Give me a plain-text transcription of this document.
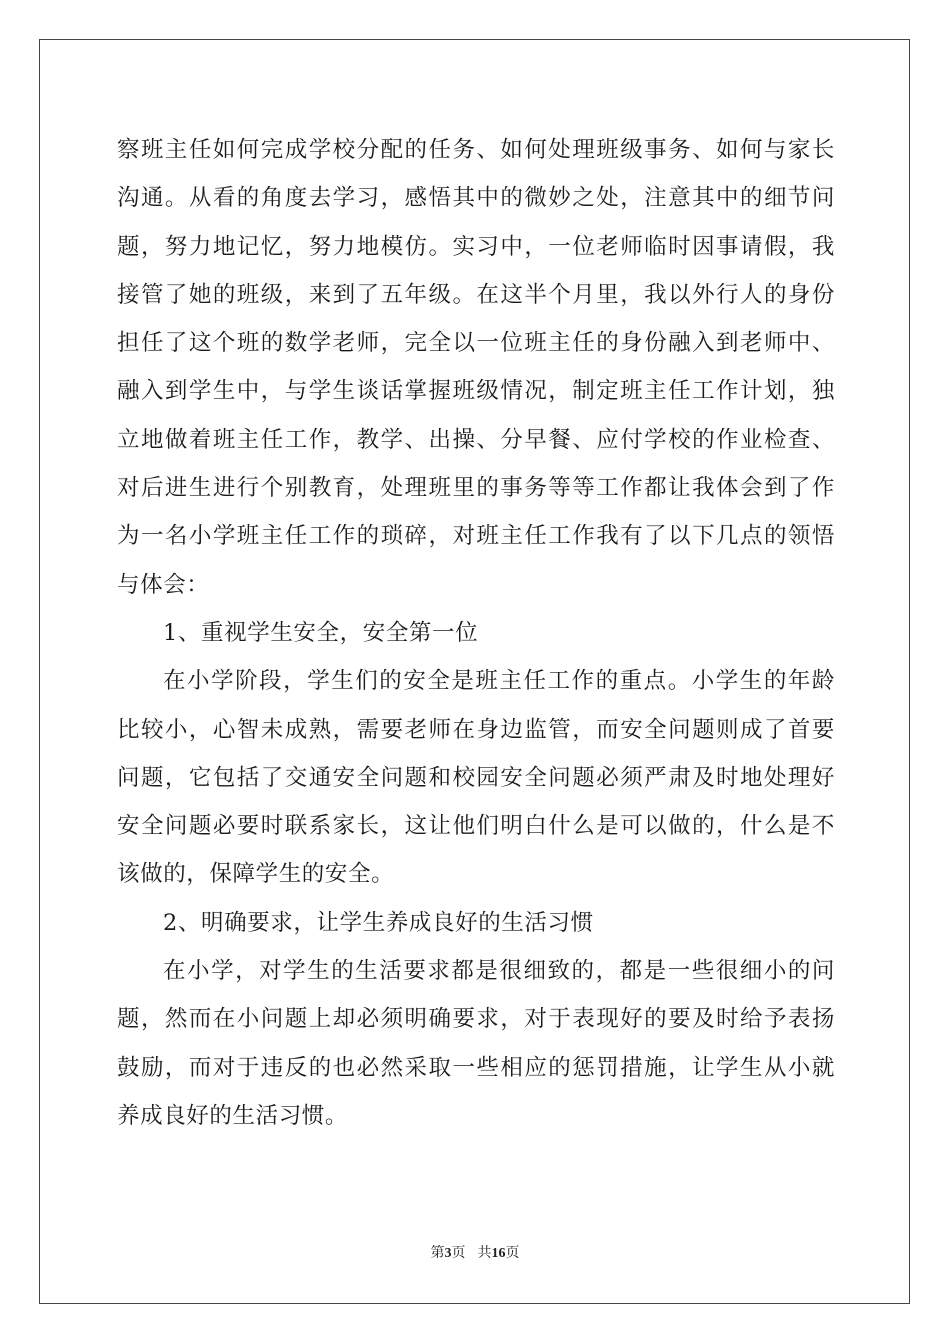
察班主任如何完成学校分配的任务、如何处理班级事务、如何与家长
沟通。从看的角度去学习，感悟其中的微妙之处，注意其中的细节问
题，努力地记忆，努力地模仿。实习中，一位老师临时因事请假，我
接管了她的班级，来到了五年级。在这半个月里，我以外行人的身份
担任了这个班的数学老师，完全以一位班主任的身份融入到老师中、
融入到学生中，与学生谈话掌握班级情况，制定班主任工作计划，独
立地做着班主任工作，教学、出操、分早餐、应付学校的作业检查、
对后进生进行个别教育，处理班里的事务等等工作都让我体会到了作
为一名小学班主任工作的琐碎，对班主任工作我有了以下几点的领悟
与体会：
1、重视学生安全，安全第一位
在小学阶段，学生们的安全是班主任工作的重点。小学生的年龄
比较小，心智未成熟，需要老师在身边监管，而安全问题则成了首要
问题，它包括了交通安全问题和校园安全问题必须严肃及时地处理好
安全问题必要时联系家长，这让他们明白什么是可以做的，什么是不
该做的，保障学生的安全。
2、明确要求，让学生养成良好的生活习惯
在小学，对学生的生活要求都是很细致的，都是一些很细小的问
题，然而在小问题上却必须明确要求，对于表现好的要及时给予表扬
鼓励，而对于违反的也必然采取一些相应的惩罚措施，让学生从小就
养成良好的生活习惯。
第3页 共16页
